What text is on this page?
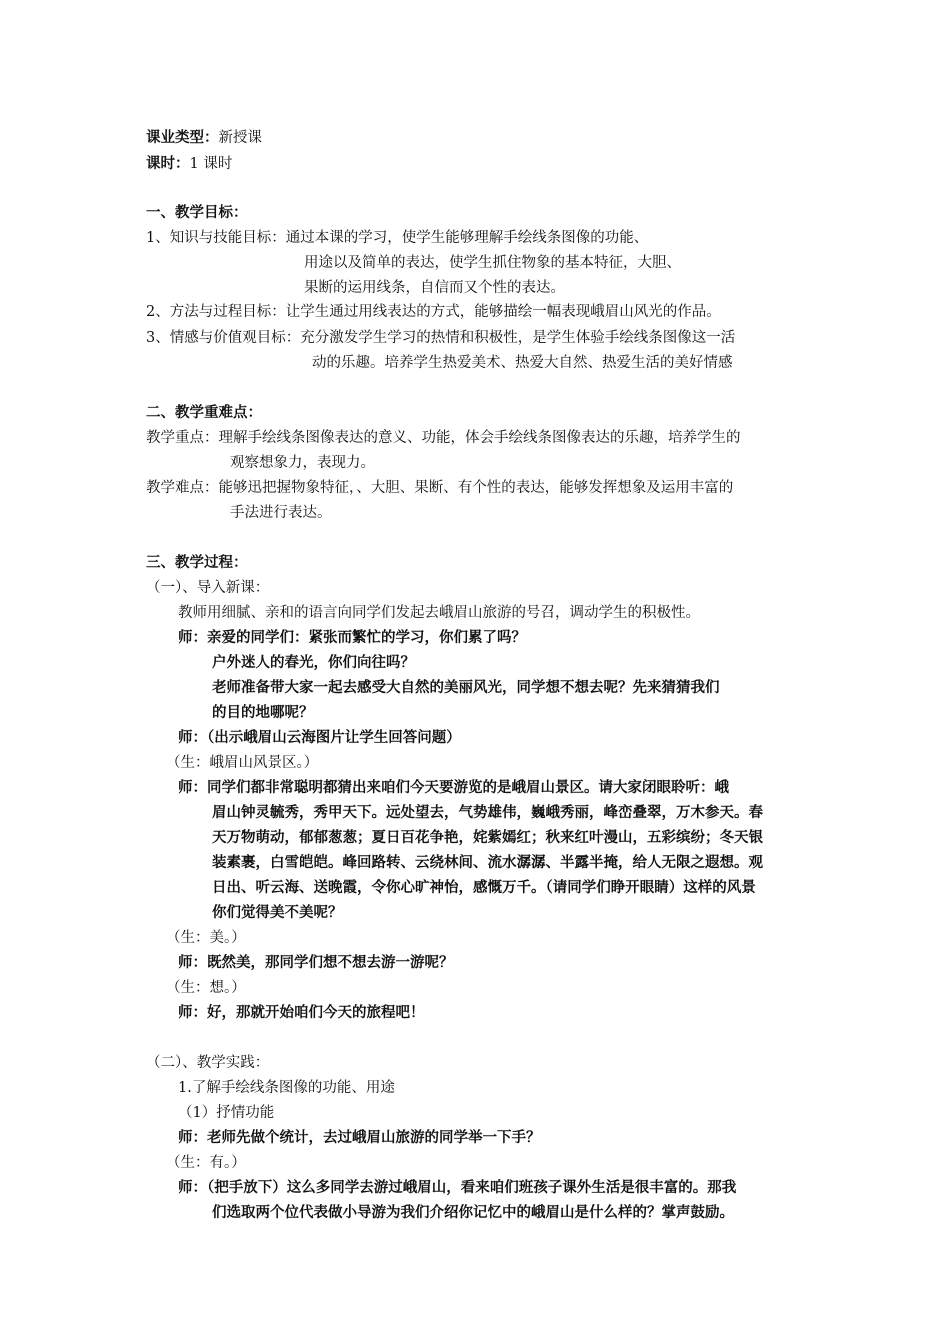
课业类型：新授课
课时：1 课时
一、教学目标：
1、知识与技能目标：通过本课的学习，使学生能够理解手绘线条图像的功能、
用途以及简单的表达，使学生抓住物象的基本特征，大胆、
果断的运用线条，自信而又个性的表达。
2、方法与过程目标：让学生通过用线表达的方式，能够描绘一幅表现峨眉山风光的作品。
3、情感与价值观目标：充分激发学生学习的热情和积极性，是学生体验手绘线条图像这一活
动的乐趣。培养学生热爱美术、热爱大自然、热爱生活的美好情感
二、教学重难点：
教学重点：理解手绘线条图像表达的意义、功能，体会手绘线条图像表达的乐趣，培养学生的
观察想象力，表现力。
教学难点：能够迅把握物象特征，、大胆、果断、有个性的表达，能够发挥想象及运用丰富的
手法进行表达。
三、教学过程：
（一）、导入新课：
教师用细腻、亲和的语言向同学们发起去峨眉山旅游的号召，调动学生的积极性。
师：亲爱的同学们：紧张而繁忙的学习，你们累了吗？
户外迷人的春光，你们向往吗？
老师准备带大家一起去感受大自然的美丽风光，同学想不想去呢？先来猜猜我们
的目的地哪呢？
师：（出示峨眉山云海图片让学生回答问题）
（生：峨眉山风景区。）
师：同学们都非常聪明都猜出来咱们今天要游览的是峨眉山景区。请大家闭眼聆听：峨
眉山钟灵毓秀，秀甲天下。远处望去，气势雄伟，巍峨秀丽，峰峦叠翠，万木参天。春
天万物萌动，郁郁葱葱；夏日百花争艳，姹紫嫣红；秋来红叶漫山，五彩缤纷；冬天银
装素裹，白雪皑皑。峰回路转、云绕林间、流水潺潺、半露半掩，给人无限之遐想。观
日出、听云海、送晚霞，令你心旷神怡，感慨万千。（请同学们睁开眼睛）这样的风景
你们觉得美不美呢？
（生：美。）
师：既然美，那同学们想不想去游一游呢？
（生：想。）
师：好，那就开始咱们今天的旅程吧！
（二）、教学实践：
1.了解手绘线条图像的功能、用途
（1）抒情功能
师：老师先做个统计，去过峨眉山旅游的同学举一下手？
（生：有。）
师：（把手放下）这么多同学去游过峨眉山，看来咱们班孩子课外生活是很丰富的。那我
们选取两个位代表做小导游为我们介绍你记忆中的峨眉山是什么样的？掌声鼓励。
